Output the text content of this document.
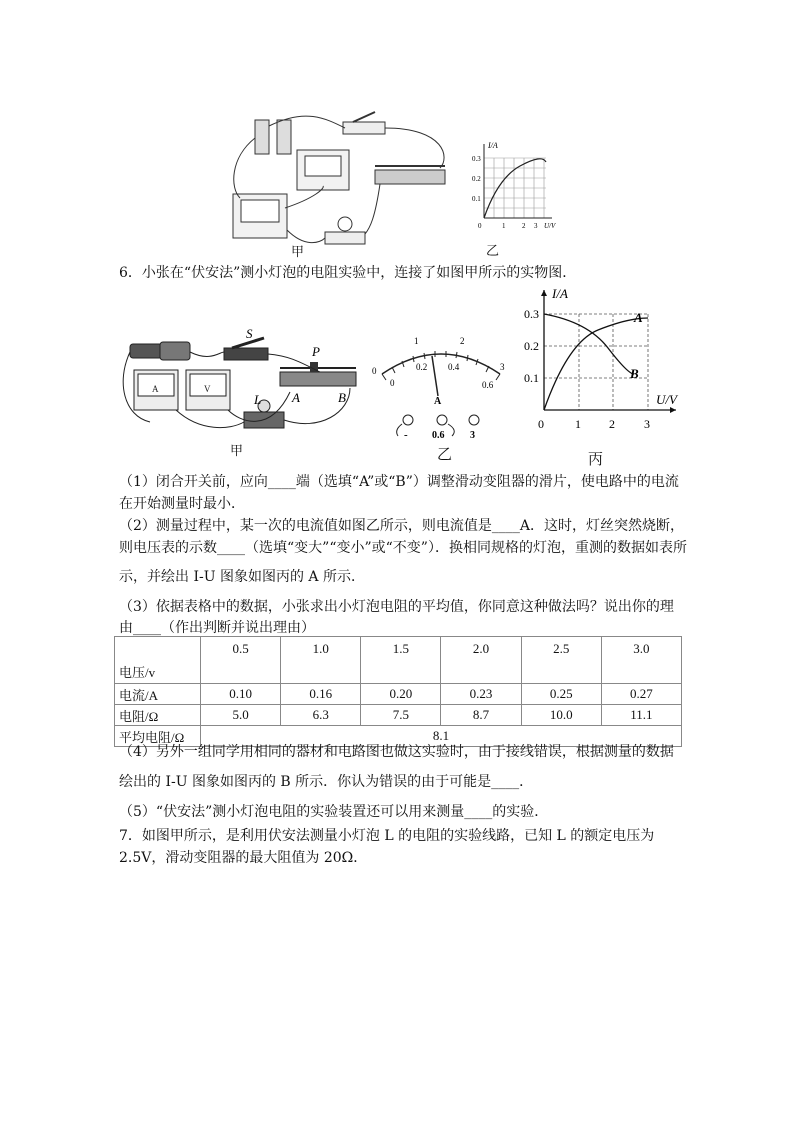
甲
I/A
U/V
0.3
0.2
0.1
0	1 2 3
乙
6．小张在“伏安法”测小灯泡的电阻实验中，连接了如图甲所示的实物图．
S
A	V
P
A	B
L
甲
0
1	2
3
0
0.2 0.4
0.6
A
- 0.6	3
乙
I/A
U/V
0.3
0.2
0.1
0	1 2 3
A
B
丙
（1）闭合开关前，应向____端（选填“A”或“B”）调整滑动变阻器的滑片，使电路中的电流
在开始测量时最小．
（2）测量过程中，某一次的电流值如图乙所示，则电流值是____A．这时，灯丝突然烧断，
则电压表的示数____（选填“变大”“变小”或“不变”）．换相同规格的灯泡，重测的数据如表所
示，并绘出 I-U 图象如图丙的 A 所示．
（3）依据表格中的数据，小张求出小灯泡电阻的平均值，你同意这种做法吗？说出你的理
由____（作出判断并说出理由）
电压/v	0.5	1.0	1.5	2.0	2.5	3.0
电流/A	0.10	0.16	0.20	0.23	0.25	0.27
电阻/Ω	5.0	6.3	7.5	8.7	10.0	11.1
平均电阻/Ω	8.1					
（4）另外一组同学用相同的器材和电路图也做这实验时，由于接线错误，根据测量的数据
绘出的 I-U 图象如图丙的 B 所示．你认为错误的由于可能是____．
（5）“伏安法”测小灯泡电阻的实验装置还可以用来测量____的实验．
7．如图甲所示，是利用伏安法测量小灯泡 L 的电阻的实验线路，已知 L 的额定电压为
2.5V，滑动变阻器的最大阻值为 20Ω．
